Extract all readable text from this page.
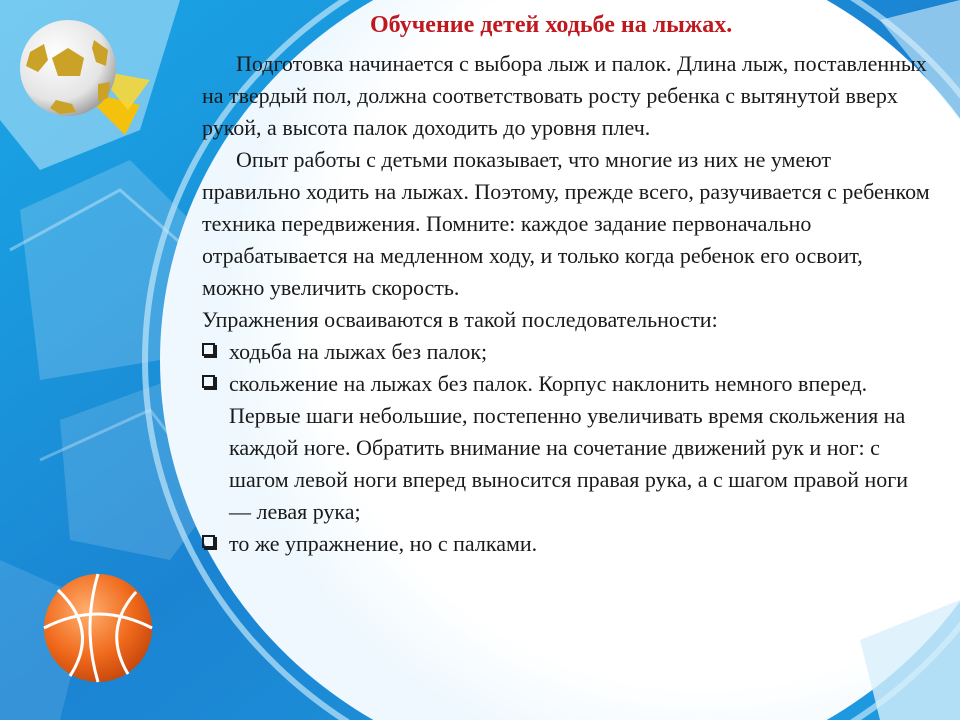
Обучение детей ходьбе на лыжах.

Подготовка начинается с выбора лыж и палок. Длина лыж, поставленных на твердый пол, должна соответствовать росту ребенка с вытянутой вверх рукой, а высота палок доходить до уровня плеч.

Опыт работы с детьми показывает, что многие из них не умеют правильно ходить на лыжах. Поэтому, прежде всего, разучивается с ребенком техника передвижения. Помните: каждое задание первоначально отрабатывается на медленном ходу, и только когда ребенок его освоит, можно увеличить скорость.

Упражнения осваиваются в такой последовательности:

ходьба на лыжах без палок;
скольжение на лыжах без палок. Корпус наклонить немного вперед. Первые шаги небольшие, постепенно увеличивать время скольжения на каждой ноге. Обратить внимание на сочетание движений рук и ног: с шагом левой ноги вперед выносится правая рука, а с шагом правой ноги — левая рука;
то же упражнение, но с палками.
